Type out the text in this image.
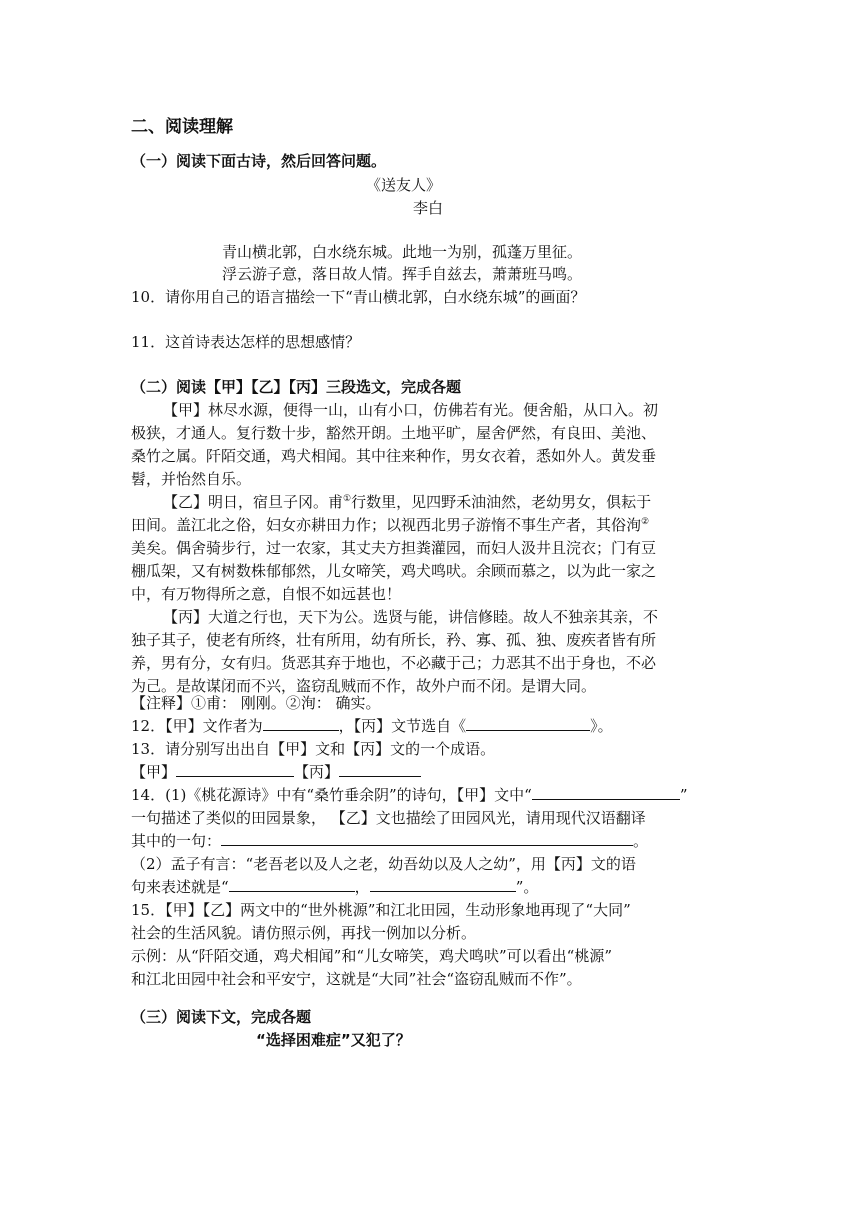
二、阅读理解
（一）阅读下面古诗，然后回答问题。
《送友人》
李白
青山横北郭，白水绕东城。此地一为别，孤蓬万里征。
浮云游子意，落日故人情。挥手自兹去，萧萧班马鸣。
10．请你用自己的语言描绘一下“青山横北郭，白水绕东城”的画面？
11．这首诗表达怎样的思想感情？
（二）阅读【甲】【乙】【丙】三段选文，完成各题
【甲】林尽水源，便得一山，山有小口，仿佛若有光。便舍船，从口入。初
极狭，才通人。复行数十步，豁然开朗。土地平旷，屋舍俨然，有良田、美池、
桑竹之属。阡陌交通，鸡犬相闻。其中往来种作，男女衣着，悉如外人。黄发垂
髫，并怡然自乐。
【乙】明日，宿旦子冈。甫①行数里，见四野禾油油然，老幼男女，俱耘于
田间。盖江北之俗，妇女亦耕田力作；以视西北男子游惰不事生产者，其俗洵②
美矣。偶舍骑步行，过一农家，其丈夫方担粪灌园，而妇人汲井且浣衣；门有豆
棚瓜架，又有树数株郁郁然，儿女啼笑，鸡犬鸣吠。余顾而慕之，以为此一家之
中，有万物得所之意，自恨不如远甚也！
【丙】大道之行也，天下为公。选贤与能，讲信修睦。故人不独亲其亲，不
独子其子，使老有所终，壮有所用，幼有所长，矜、寡、孤、独、废疾者皆有所
养，男有分，女有归。货恶其弃于地也，不必藏于己；力恶其不出于身也，不必
为己。是故谋闭而不兴，盗窃乱贼而不作，故外户而不闭。是谓大同。
【注释】①甫： 刚刚。②洵： 确实。
12．【甲】文作者为	，【丙】文节选自《	》。
13．请分别写出出自【甲】文和【丙】文的一个成语。
【甲】	【丙】
14．(1)《桃花源诗》中有“桑竹垂余阴”的诗句，【甲】文中“	”
一句描述了类似的田园景象， 【乙】文也描绘了田园风光，请用现代汉语翻译
其中的一句：	。
（2）孟子有言：“老吾老以及人之老，幼吾幼以及人之幼”，用【丙】文的语
句来表述就是“	，	”。
15．【甲】【乙】两文中的“世外桃源”和江北田园，生动形象地再现了“大同”
社会的生活风貌。请仿照示例，再找一例加以分析。
示例：从“阡陌交通，鸡犬相闻”和“儿女啼笑，鸡犬鸣吠”可以看出“桃源”
和江北田园中社会和平安宁，这就是“大同”社会“盗窃乱贼而不作”。
（三）阅读下文，完成各题
“选择困难症”又犯了？
